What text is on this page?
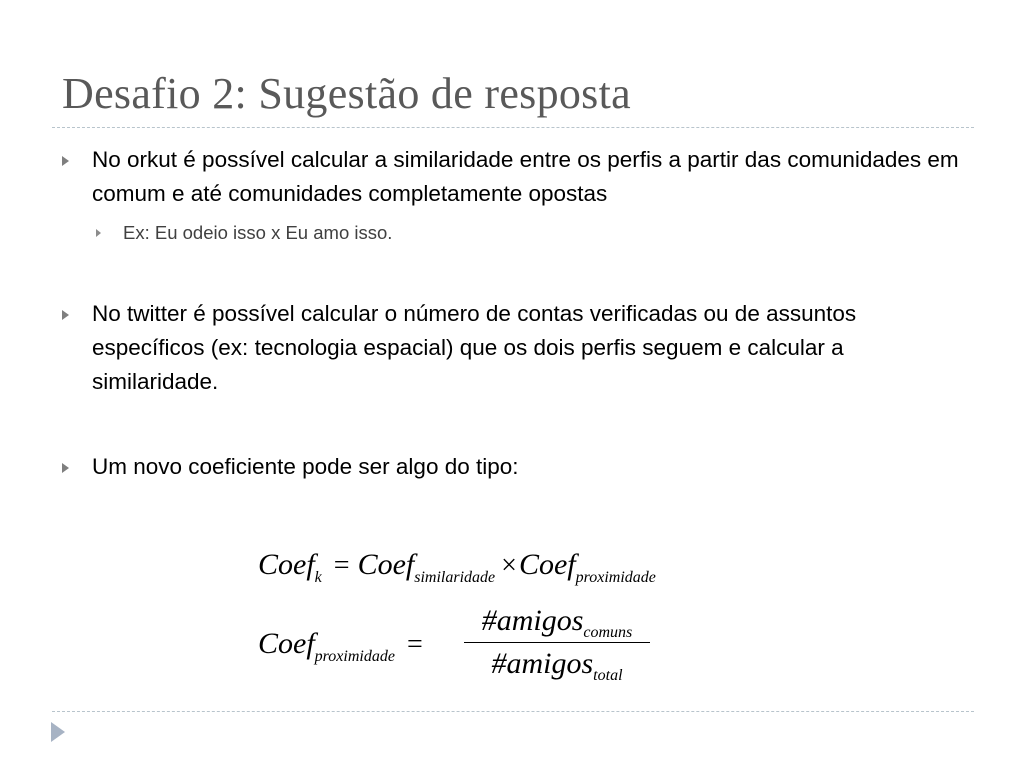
Desafio 2: Sugestão de resposta
No orkut é possível calcular a similaridade entre os perfis a partir das comunidades em comum e até comunidades completamente opostas
Ex: Eu odeio isso x Eu amo isso.
No twitter é possível calcular o número de contas verificadas ou de assuntos específicos (ex: tecnologia espacial) que os dois perfis seguem e calcular a similaridade.
Um novo coeficiente pode ser algo do tipo:
Coefk = Coefsimilaridade ×Coefproximidade
Coefproximidade =
#amigoscomuns
#amigostotal
